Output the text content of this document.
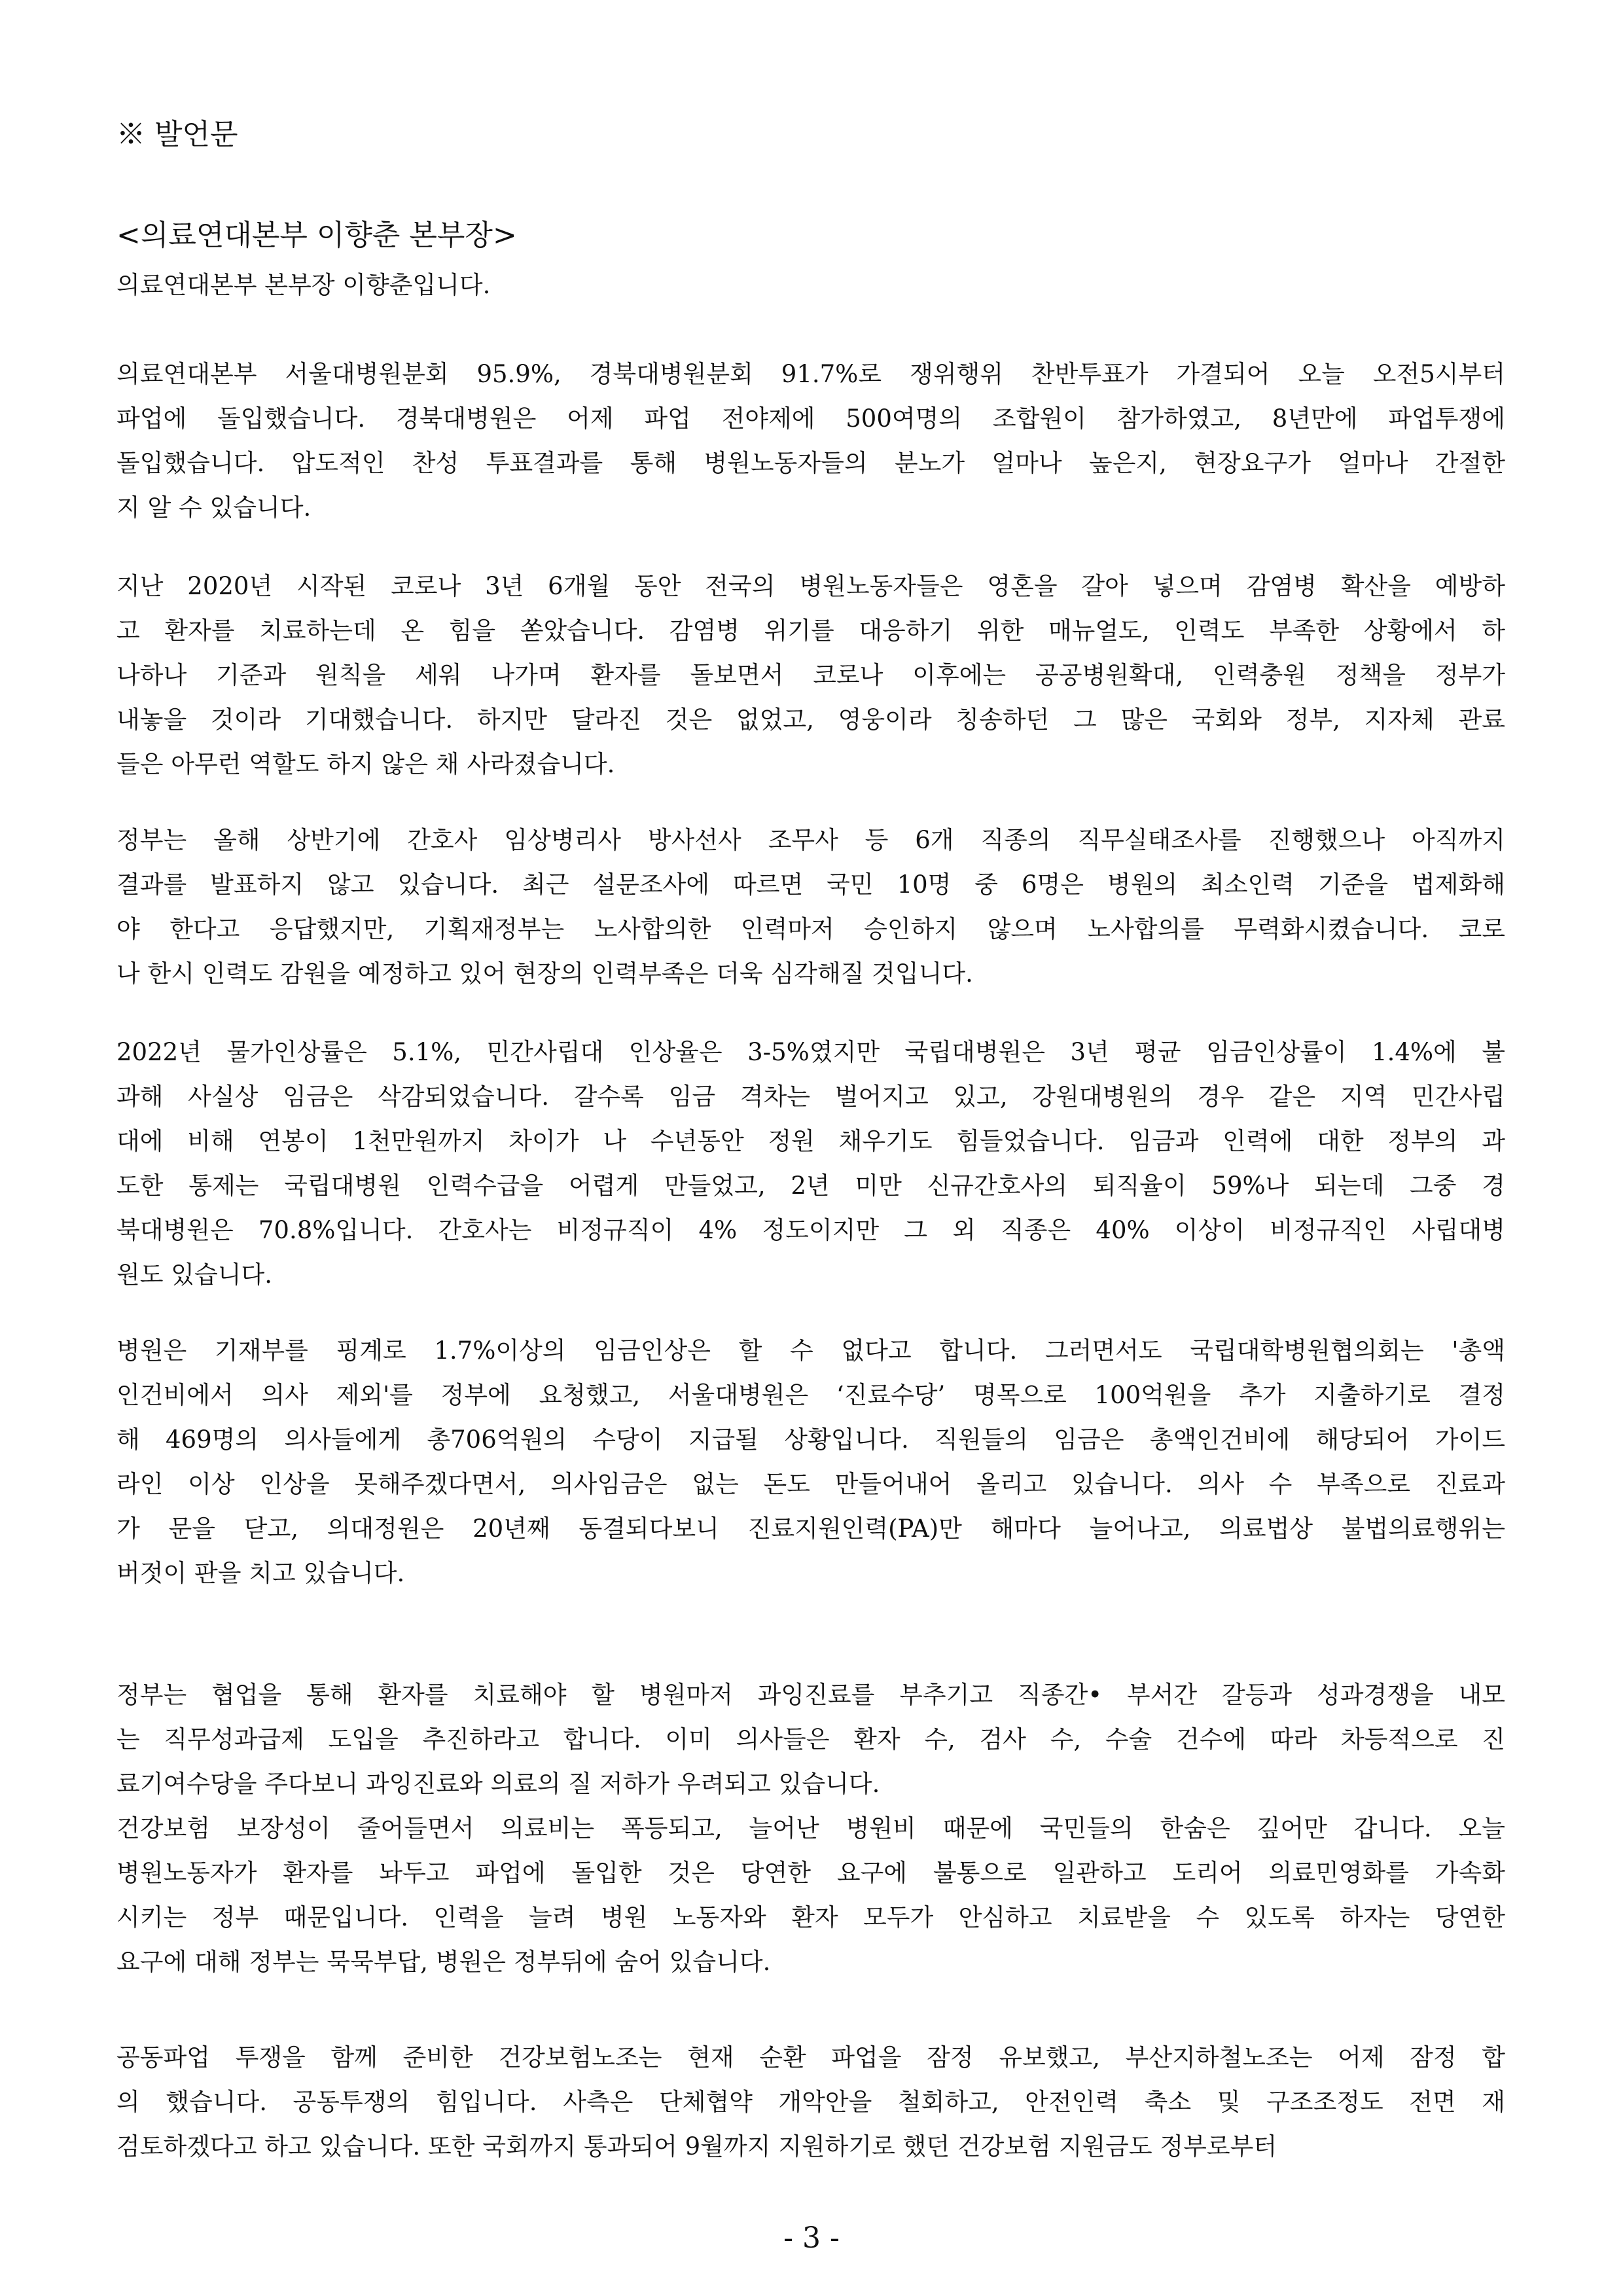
※ 발언문
<의료연대본부 이향춘 본부장>
의료연대본부 본부장 이향춘입니다.
의료연대본부 서울대병원분회 95.9%, 경북대병원분회 91.7%로 쟁위행위 찬반투표가 가결되어 오늘 오전5시부터
파업에 돌입했습니다. 경북대병원은 어제 파업 전야제에 500여명의 조합원이 참가하였고, 8년만에 파업투쟁에
돌입했습니다. 압도적인 찬성 투표결과를 통해 병원노동자들의 분노가 얼마나 높은지, 현장요구가 얼마나 간절한
지 알 수 있습니다.
지난 2020년 시작된 코로나 3년 6개월 동안 전국의 병원노동자들은 영혼을 갈아 넣으며 감염병 확산을 예방하
고 환자를 치료하는데 온 힘을 쏟았습니다. 감염병 위기를 대응하기 위한 매뉴얼도, 인력도 부족한 상황에서 하
나하나 기준과 원칙을 세워 나가며 환자를 돌보면서 코로나 이후에는 공공병원확대, 인력충원 정책을 정부가
내놓을 것이라 기대했습니다. 하지만 달라진 것은 없었고, 영웅이라 칭송하던 그 많은 국회와 정부, 지자체 관료
들은 아무런 역할도 하지 않은 채 사라졌습니다.
정부는 올해 상반기에 간호사 임상병리사 방사선사 조무사 등 6개 직종의 직무실태조사를 진행했으나 아직까지
결과를 발표하지 않고 있습니다. 최근 설문조사에 따르면 국민 10명 중 6명은 병원의 최소인력 기준을 법제화해
야 한다고 응답했지만, 기획재정부는 노사합의한 인력마저 승인하지 않으며 노사합의를 무력화시켰습니다. 코로
나 한시 인력도 감원을 예정하고 있어 현장의 인력부족은 더욱 심각해질 것입니다.
2022년 물가인상률은 5.1%, 민간사립대 인상율은 3-5%였지만 국립대병원은 3년 평균 임금인상률이 1.4%에 불
과해 사실상 임금은 삭감되었습니다. 갈수록 임금 격차는 벌어지고 있고, 강원대병원의 경우 같은 지역 민간사립
대에 비해 연봉이 1천만원까지 차이가 나 수년동안 정원 채우기도 힘들었습니다. 임금과 인력에 대한 정부의 과
도한 통제는 국립대병원 인력수급을 어렵게 만들었고, 2년 미만 신규간호사의 퇴직율이 59%나 되는데 그중 경
북대병원은 70.8%입니다. 간호사는 비정규직이 4% 정도이지만 그 외 직종은 40% 이상이 비정규직인 사립대병
원도 있습니다.
병원은 기재부를 핑계로 1.7%이상의 임금인상은 할 수 없다고 합니다. 그러면서도 국립대학병원협의회는 '총액
인건비에서 의사 제외'를 정부에 요청했고, 서울대병원은 ‘진료수당’ 명목으로 100억원을 추가 지출하기로 결정
해 469명의 의사들에게 총706억원의 수당이 지급될 상황입니다. 직원들의 임금은 총액인건비에 해당되어 가이드
라인 이상 인상을 못해주겠다면서, 의사임금은 없는 돈도 만들어내어 올리고 있습니다. 의사 수 부족으로 진료과
가 문을 닫고, 의대정원은 20년째 동결되다보니 진료지원인력(PA)만 해마다 늘어나고, 의료법상 불법의료행위는
버젓이 판을 치고 있습니다.
정부는 협업을 통해 환자를 치료해야 할 병원마저 과잉진료를 부추기고 직종간• 부서간 갈등과 성과경쟁을 내모
는 직무성과급제 도입을 추진하라고 합니다. 이미 의사들은 환자 수, 검사 수, 수술 건수에 따라 차등적으로 진
료기여수당을 주다보니 과잉진료와 의료의 질 저하가 우려되고 있습니다.
건강보험 보장성이 줄어들면서 의료비는 폭등되고, 늘어난 병원비 때문에 국민들의 한숨은 깊어만 갑니다. 오늘
병원노동자가 환자를 놔두고 파업에 돌입한 것은 당연한 요구에 불통으로 일관하고 도리어 의료민영화를 가속화
시키는 정부 때문입니다. 인력을 늘려 병원 노동자와 환자 모두가 안심하고 치료받을 수 있도록 하자는 당연한
요구에 대해 정부는 묵묵부답, 병원은 정부뒤에 숨어 있습니다.
공동파업 투쟁을 함께 준비한 건강보험노조는 현재 순환 파업을 잠정 유보했고, 부산지하철노조는 어제 잠정 합
의 했습니다. 공동투쟁의 힘입니다. 사측은 단체협약 개악안을 철회하고, 안전인력 축소 및 구조조정도 전면 재
검토하겠다고 하고 있습니다. 또한 국회까지 통과되어 9월까지 지원하기로 했던 건강보험 지원금도 정부로부터
- 3 -
